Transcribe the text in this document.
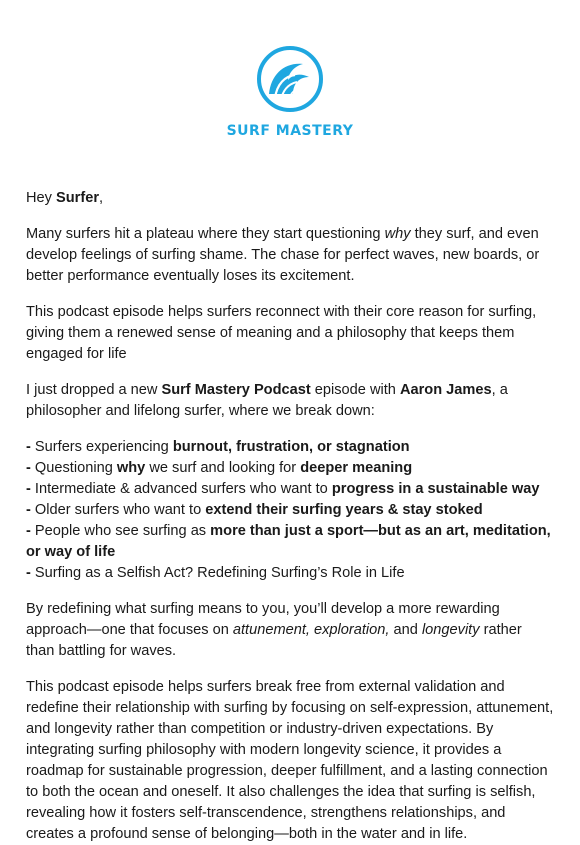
SURF MASTERY

Hey Surfer,

Many surfers hit a plateau where they start questioning why they surf, and even develop feelings of surfing shame. The chase for perfect waves, new boards, or better performance eventually loses its excitement.

This podcast episode helps surfers reconnect with their core reason for surfing, giving them a renewed sense of meaning and a philosophy that keeps them engaged for life

I just dropped a new Surf Mastery Podcast episode with Aaron James, a philosopher and lifelong surfer, where we break down:

- Surfers experiencing burnout, frustration, or stagnation
- Questioning why we surf and looking for deeper meaning
- Intermediate & advanced surfers who want to progress in a sustainable way
- Older surfers who want to extend their surfing years & stay stoked
- People who see surfing as more than just a sport—but as an art, meditation, or way of life
- Surfing as a Selfish Act? Redefining Surfing’s Role in Life

By redefining what surfing means to you, you’ll develop a more rewarding approach—one that focuses on attunement, exploration, and longevity rather than battling for waves.

This podcast episode helps surfers break free from external validation and redefine their relationship with surfing by focusing on self-expression, attunement, and longevity rather than competition or industry-driven expectations. By integrating surfing philosophy with modern longevity science, it provides a roadmap for sustainable progression, deeper fulfillment, and a lasting connection to both the ocean and oneself. It also challenges the idea that surfing is selfish, revealing how it fosters self-transcendence, strengthens relationships, and creates a profound sense of belonging—both in the water and in life.
